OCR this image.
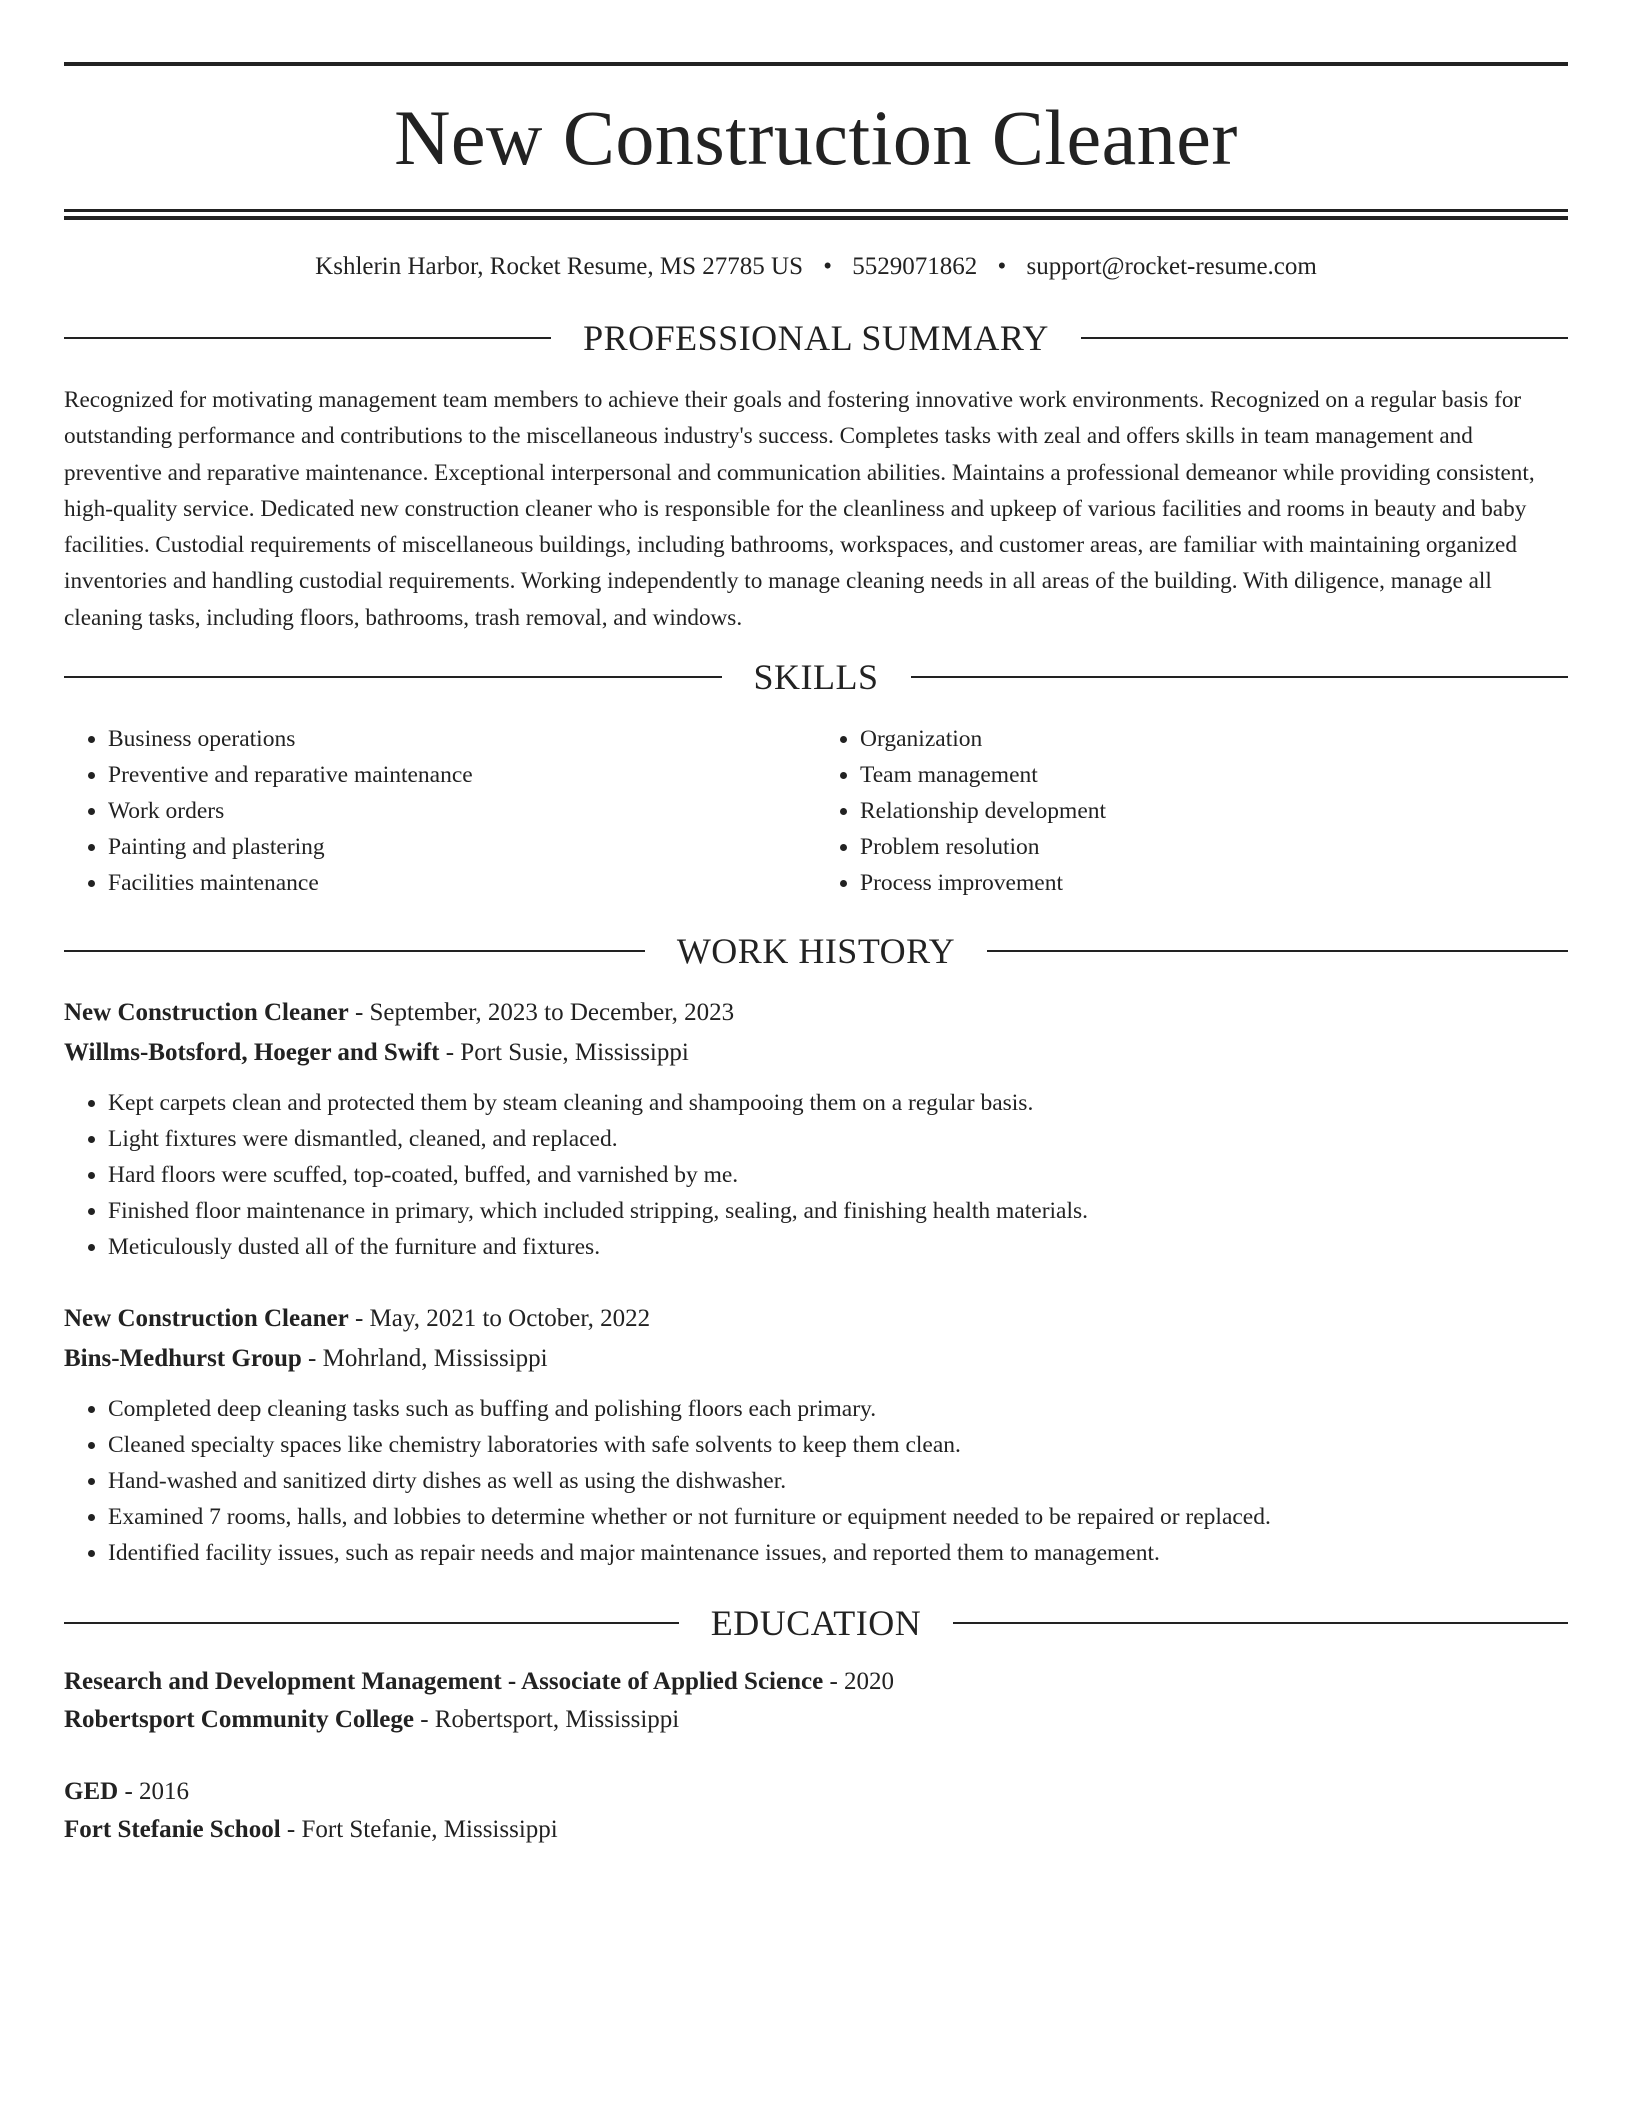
New Construction Cleaner
Kshlerin Harbor, Rocket Resume, MS 27785 US • 5529071862 • support@rocket-resume.com
PROFESSIONAL SUMMARY

Recognized for motivating management team members to achieve their goals and fostering innovative work environments. Recognized on a regular basis for outstanding performance and contributions to the miscellaneous industry's success. Completes tasks with zeal and offers skills in team management and preventive and reparative maintenance. Exceptional interpersonal and communication abilities. Maintains a professional demeanor while providing consistent, high-quality service. Dedicated new construction cleaner who is responsible for the cleanliness and upkeep of various facilities and rooms in beauty and baby facilities. Custodial requirements of miscellaneous buildings, including bathrooms, workspaces, and customer areas, are familiar with maintaining organized inventories and handling custodial requirements. Working independently to manage cleaning needs in all areas of the building. With diligence, manage all cleaning tasks, including floors, bathrooms, trash removal, and windows.

SKILLS
• Business operations
• Preventive and reparative maintenance
• Work orders
• Painting and plastering
• Facilities maintenance
• Organization
• Team management
• Relationship development
• Problem resolution
• Process improvement
WORK HISTORY
New Construction Cleaner - September, 2023 to December, 2023
Willms-Botsford, Hoeger and Swift - Port Susie, Mississippi
• Kept carpets clean and protected them by steam cleaning and shampooing them on a regular basis.
• Light fixtures were dismantled, cleaned, and replaced.
• Hard floors were scuffed, top-coated, buffed, and varnished by me.
• Finished floor maintenance in primary, which included stripping, sealing, and finishing health materials.
• Meticulously dusted all of the furniture and fixtures.
New Construction Cleaner - May, 2021 to October, 2022
Bins-Medhurst Group - Mohrland, Mississippi
• Completed deep cleaning tasks such as buffing and polishing floors each primary.
• Cleaned specialty spaces like chemistry laboratories with safe solvents to keep them clean.
• Hand-washed and sanitized dirty dishes as well as using the dishwasher.
• Examined 7 rooms, halls, and lobbies to determine whether or not furniture or equipment needed to be repaired or replaced.
• Identified facility issues, such as repair needs and major maintenance issues, and reported them to management.
EDUCATION
Research and Development Management - Associate of Applied Science - 2020
Robertsport Community College - Robertsport, Mississippi
GED - 2016
Fort Stefanie School - Fort Stefanie, Mississippi
